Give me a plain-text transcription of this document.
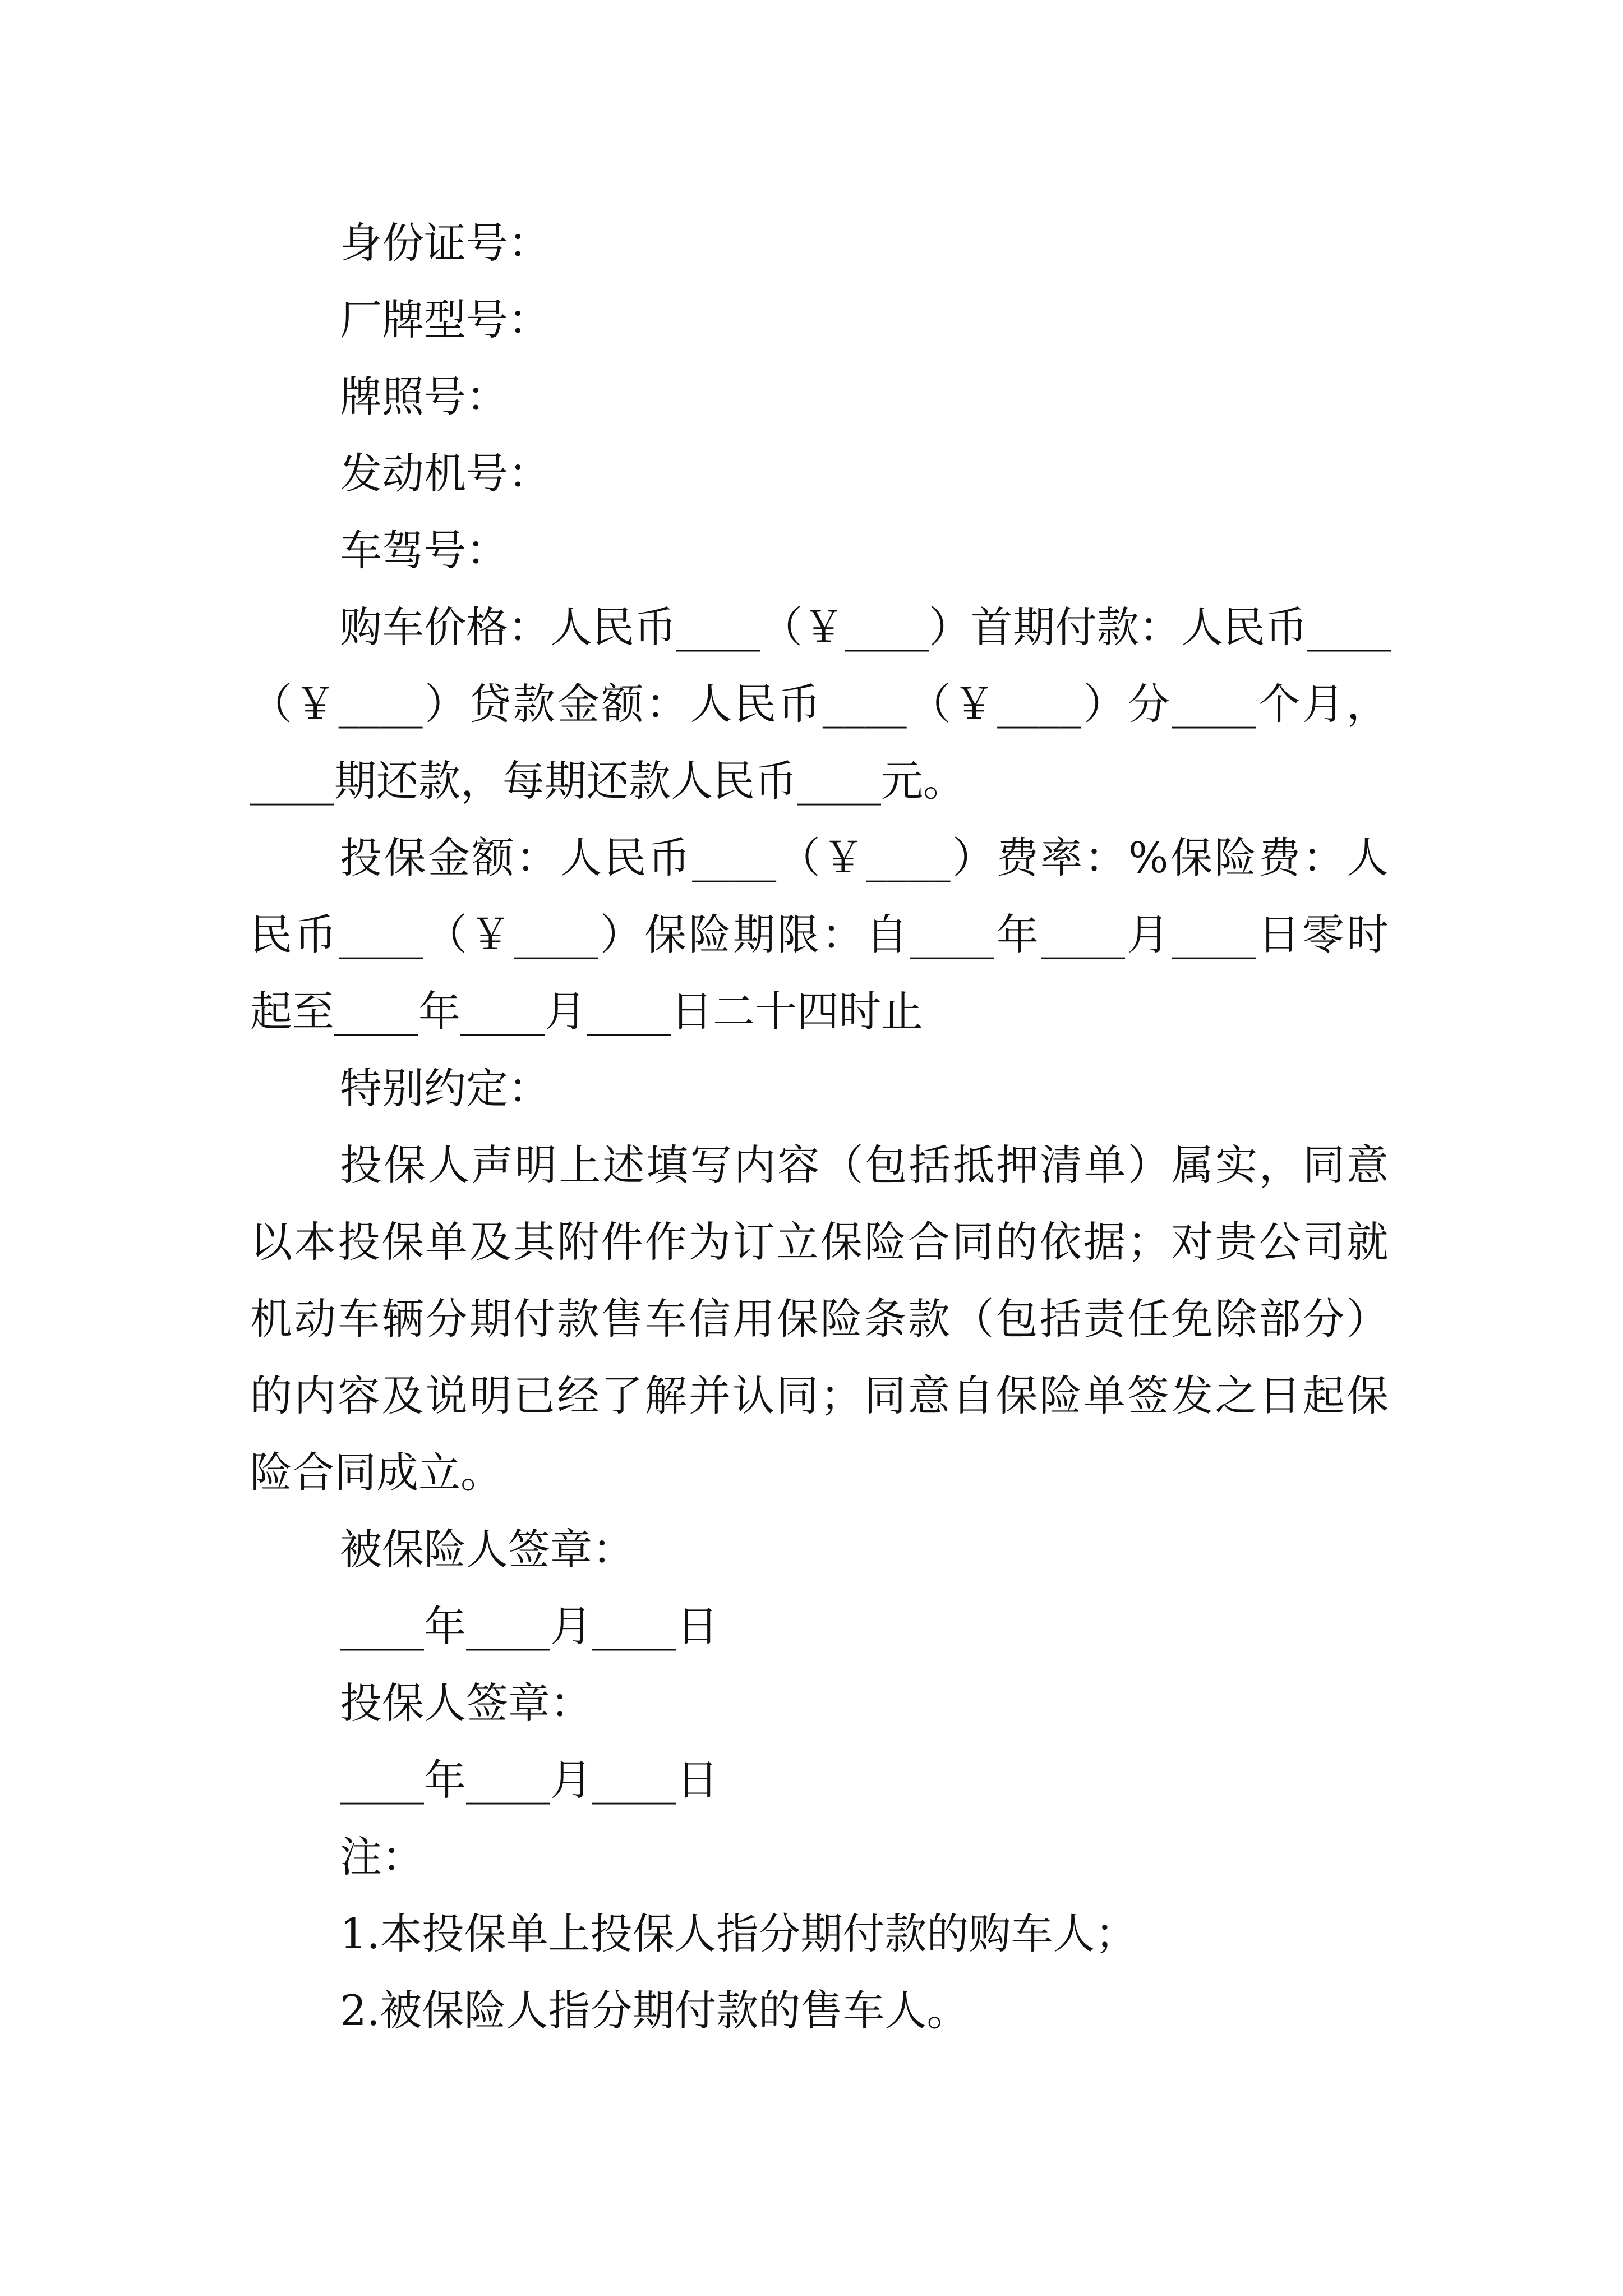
身份证号：

厂牌型号：

牌照号：

发动机号：

车驾号：

购车价格：人民币____（￥____）首期付款：人民币____

（￥____）贷款金额：人民币____（￥____）分____个月，

____期还款，每期还款人民币____元。

投保金额：人民币____（￥____）费率：%保险费：人

民币____（￥____）保险期限：自____年____月____日零时

起至____年____月____日二十四时止

特别约定：

投保人声明上述填写内容（包括抵押清单）属实，同意

以本投保单及其附件作为订立保险合同的依据；对贵公司就

机动车辆分期付款售车信用保险条款（包括责任免除部分）

的内容及说明已经了解并认同；同意自保险单签发之日起保

险合同成立。

被保险人签章：

____年____月____日

投保人签章：

____年____月____日

注：

1.本投保单上投保人指分期付款的购车人；

2.被保险人指分期付款的售车人。
